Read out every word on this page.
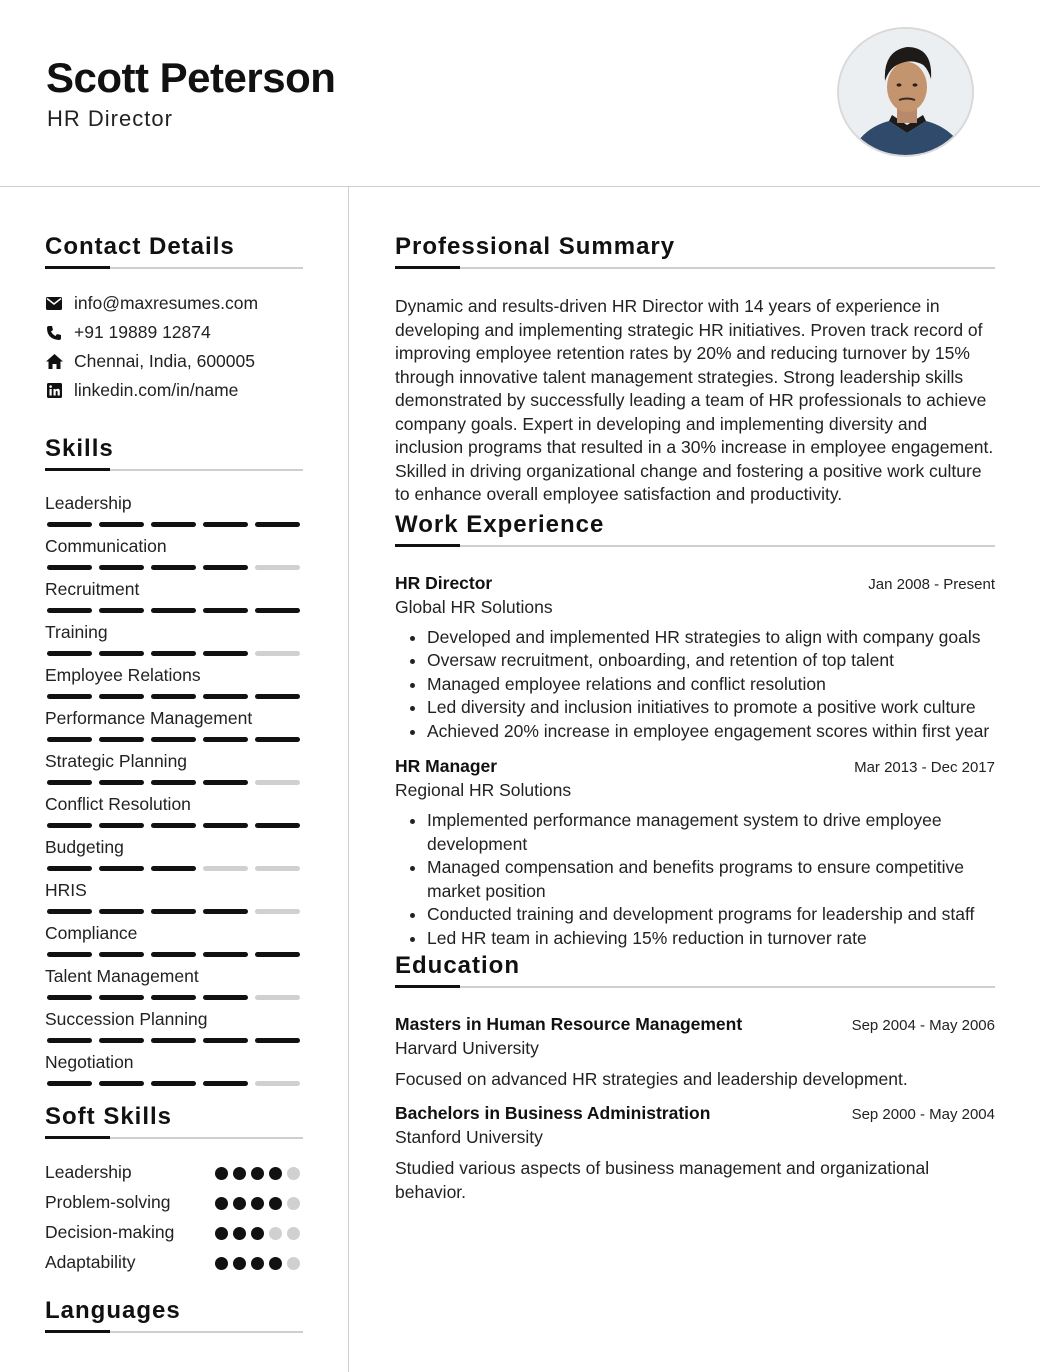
Scott Peterson
HR Director
Contact Details
info@maxresumes.com
+91 19889 12874
Chennai, India, 600005
linkedin.com/in/name
Skills
Leadership
Communication
Recruitment
Training
Employee Relations
Performance Management
Strategic Planning
Conflict Resolution
Budgeting
HRIS
Compliance
Talent Management
Succession Planning
Negotiation
Soft Skills
Leadership
Problem-solving
Decision-making
Adaptability
Languages
Professional Summary
Dynamic and results-driven HR Director with 14 years of experience in developing and implementing strategic HR initiatives. Proven track record of improving employee retention rates by 20% and reducing turnover by 15% through innovative talent management strategies. Strong leadership skills demonstrated by successfully leading a team of HR professionals to achieve company goals. Expert in developing and implementing diversity and inclusion programs that resulted in a 30% increase in employee engagement. Skilled in driving organizational change and fostering a positive work culture to enhance overall employee satisfaction and productivity.
Work Experience
HR Director	Jan 2008 - Present
Global HR Solutions
• Developed and implemented HR strategies to align with company goals
• Oversaw recruitment, onboarding, and retention of top talent
• Managed employee relations and conflict resolution
• Led diversity and inclusion initiatives to promote a positive work culture
• Achieved 20% increase in employee engagement scores within first year
HR Manager	Mar 2013 - Dec 2017
Regional HR Solutions
• Implemented performance management system to drive employee development
• Managed compensation and benefits programs to ensure competitive market position
• Conducted training and development programs for leadership and staff
• Led HR team in achieving 15% reduction in turnover rate
Education
Masters in Human Resource Management	Sep 2004 - May 2006
Harvard University
Focused on advanced HR strategies and leadership development.
Bachelors in Business Administration	Sep 2000 - May 2004
Stanford University
Studied various aspects of business management and organizational behavior.
